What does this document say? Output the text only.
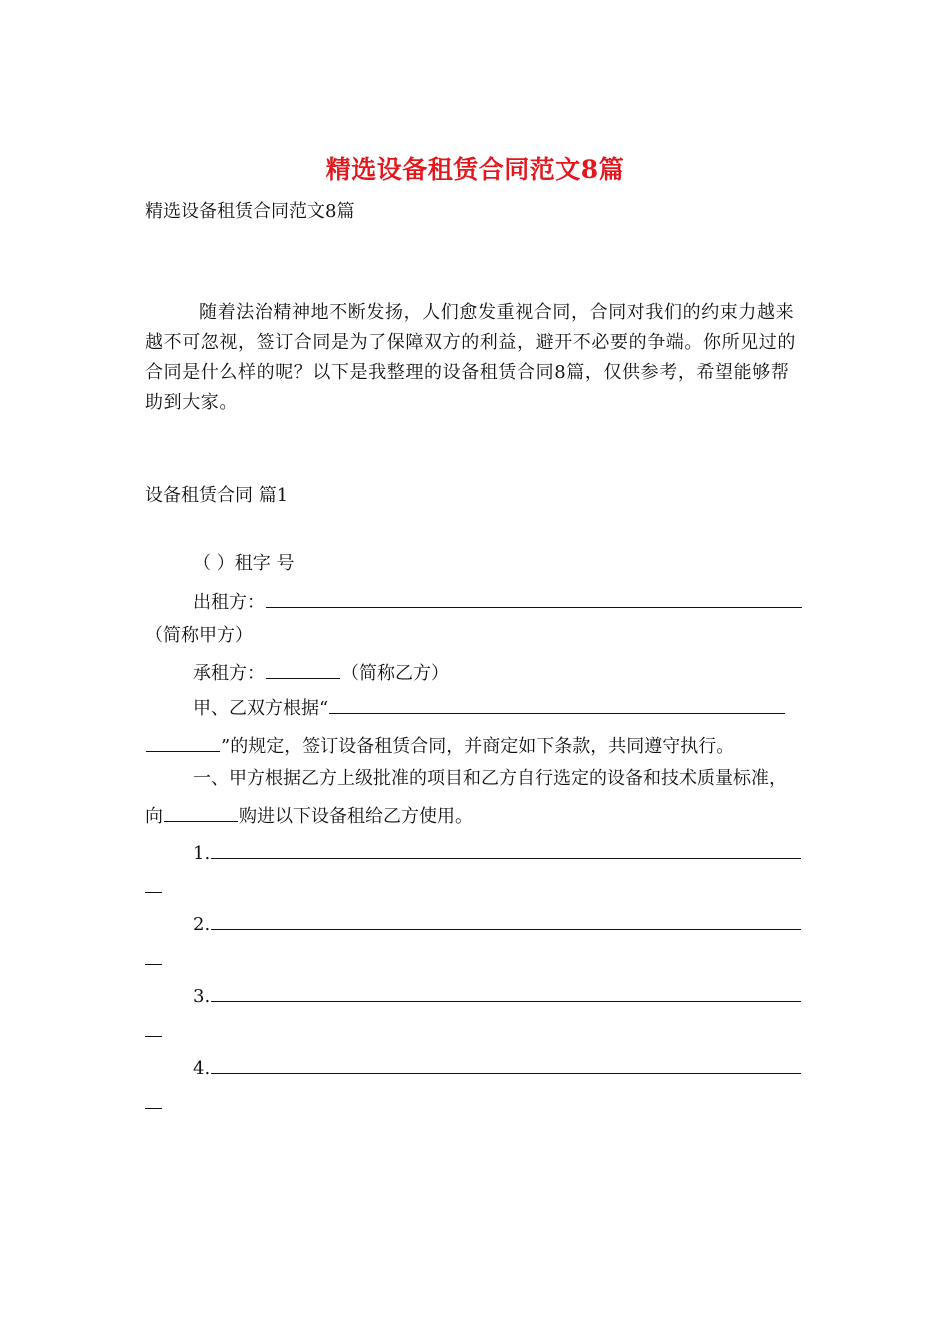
精选设备租赁合同范文8篇
精选设备租赁合同范文8篇
随着法治精神地不断发扬，人们愈发重视合同，合同对我们的约束力越来越不可忽视，签订合同是为了保障双方的利益，避开不必要的争端。你所见过的合同是什么样的呢？以下是我整理的设备租赁合同8篇，仅供参考，希望能够帮助到大家。
设备租赁合同 篇1
（ ）租字 号
出租方：
（简称甲方）
承租方：	（简称乙方）
甲、乙双方根据“
”的规定，签订设备租赁合同，并商定如下条款，共同遵守执行。
一、甲方根据乙方上级批准的项目和乙方自行选定的设备和技术质量标准，
向	购进以下设备租给乙方使用。
1.
2.
3.
4.
